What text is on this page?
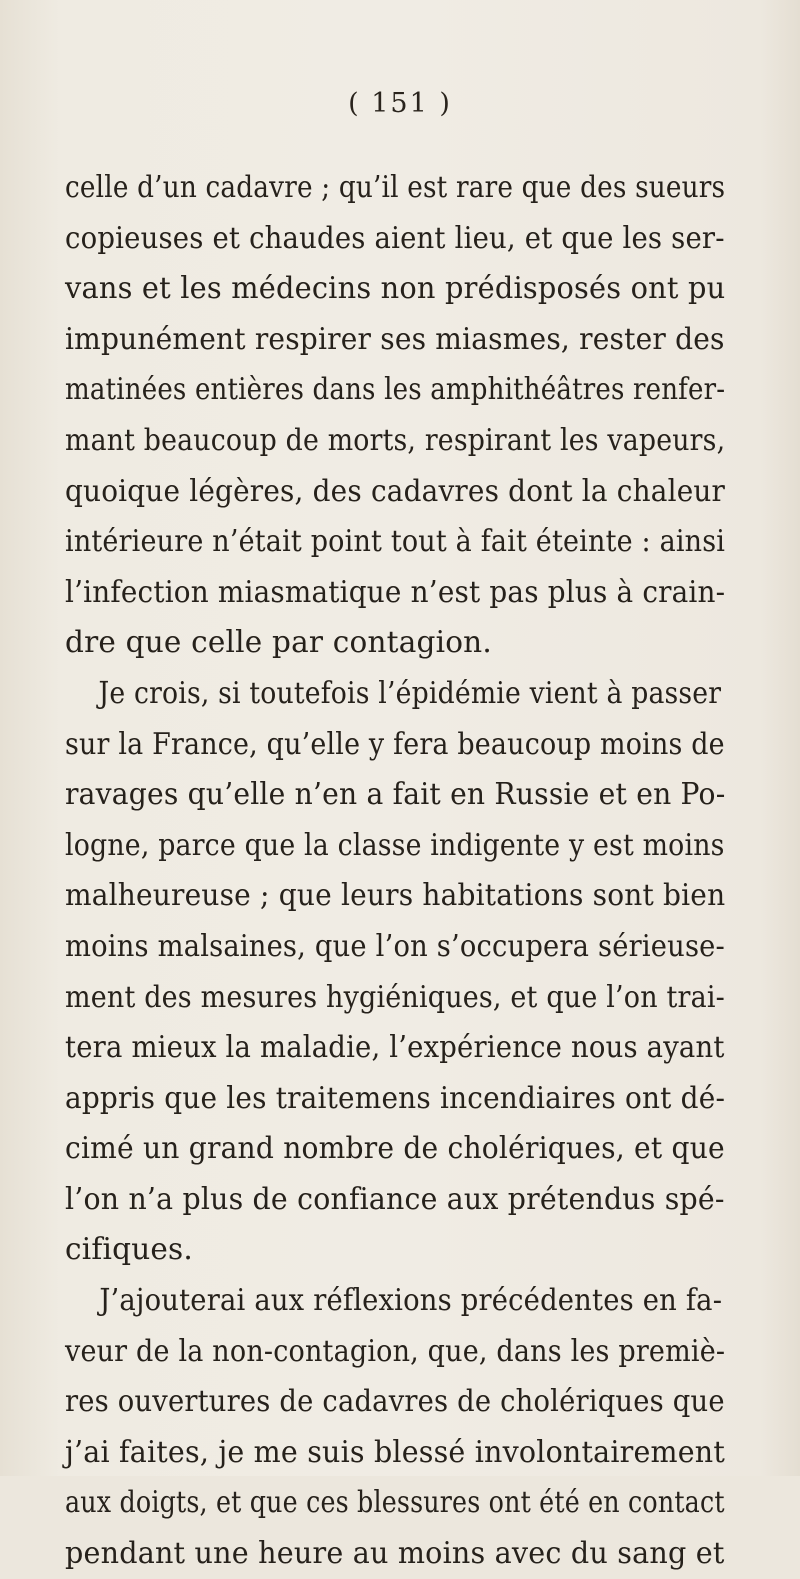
( 151 )
celle d’un cadavre ; qu’il est rare que des sueurs
copieuses et chaudes aient lieu, et que les ser-
vans et les médecins non prédisposés ont pu
impunément respirer ses miasmes, rester des
matinées entières dans les amphithéâtres renfer-
mant beaucoup de morts, respirant les vapeurs,
quoique légères, des cadavres dont la chaleur
intérieure n’était point tout à fait éteinte : ainsi
l’infection miasmatique n’est pas plus à crain-
dre que celle par contagion.
Je crois, si toutefois l’épidémie vient à passer
sur la France, qu’elle y fera beaucoup moins de
ravages qu’elle n’en a fait en Russie et en Po-
logne, parce que la classe indigente y est moins
malheureuse ; que leurs habitations sont bien
moins malsaines, que l’on s’occupera sérieuse-
ment des mesures hygiéniques, et que l’on trai-
tera mieux la maladie, l’expérience nous ayant
appris que les traitemens incendiaires ont dé-
cimé un grand nombre de cholériques, et que
l’on n’a plus de confiance aux prétendus spé-
cifiques.
J’ajouterai aux réflexions précédentes en fa-
veur de la non-contagion, que, dans les premiè-
res ouvertures de cadavres de cholériques que
j’ai faites, je me suis blessé involontairement
aux doigts, et que ces blessures ont été en contact
pendant une heure au moins avec du sang et
